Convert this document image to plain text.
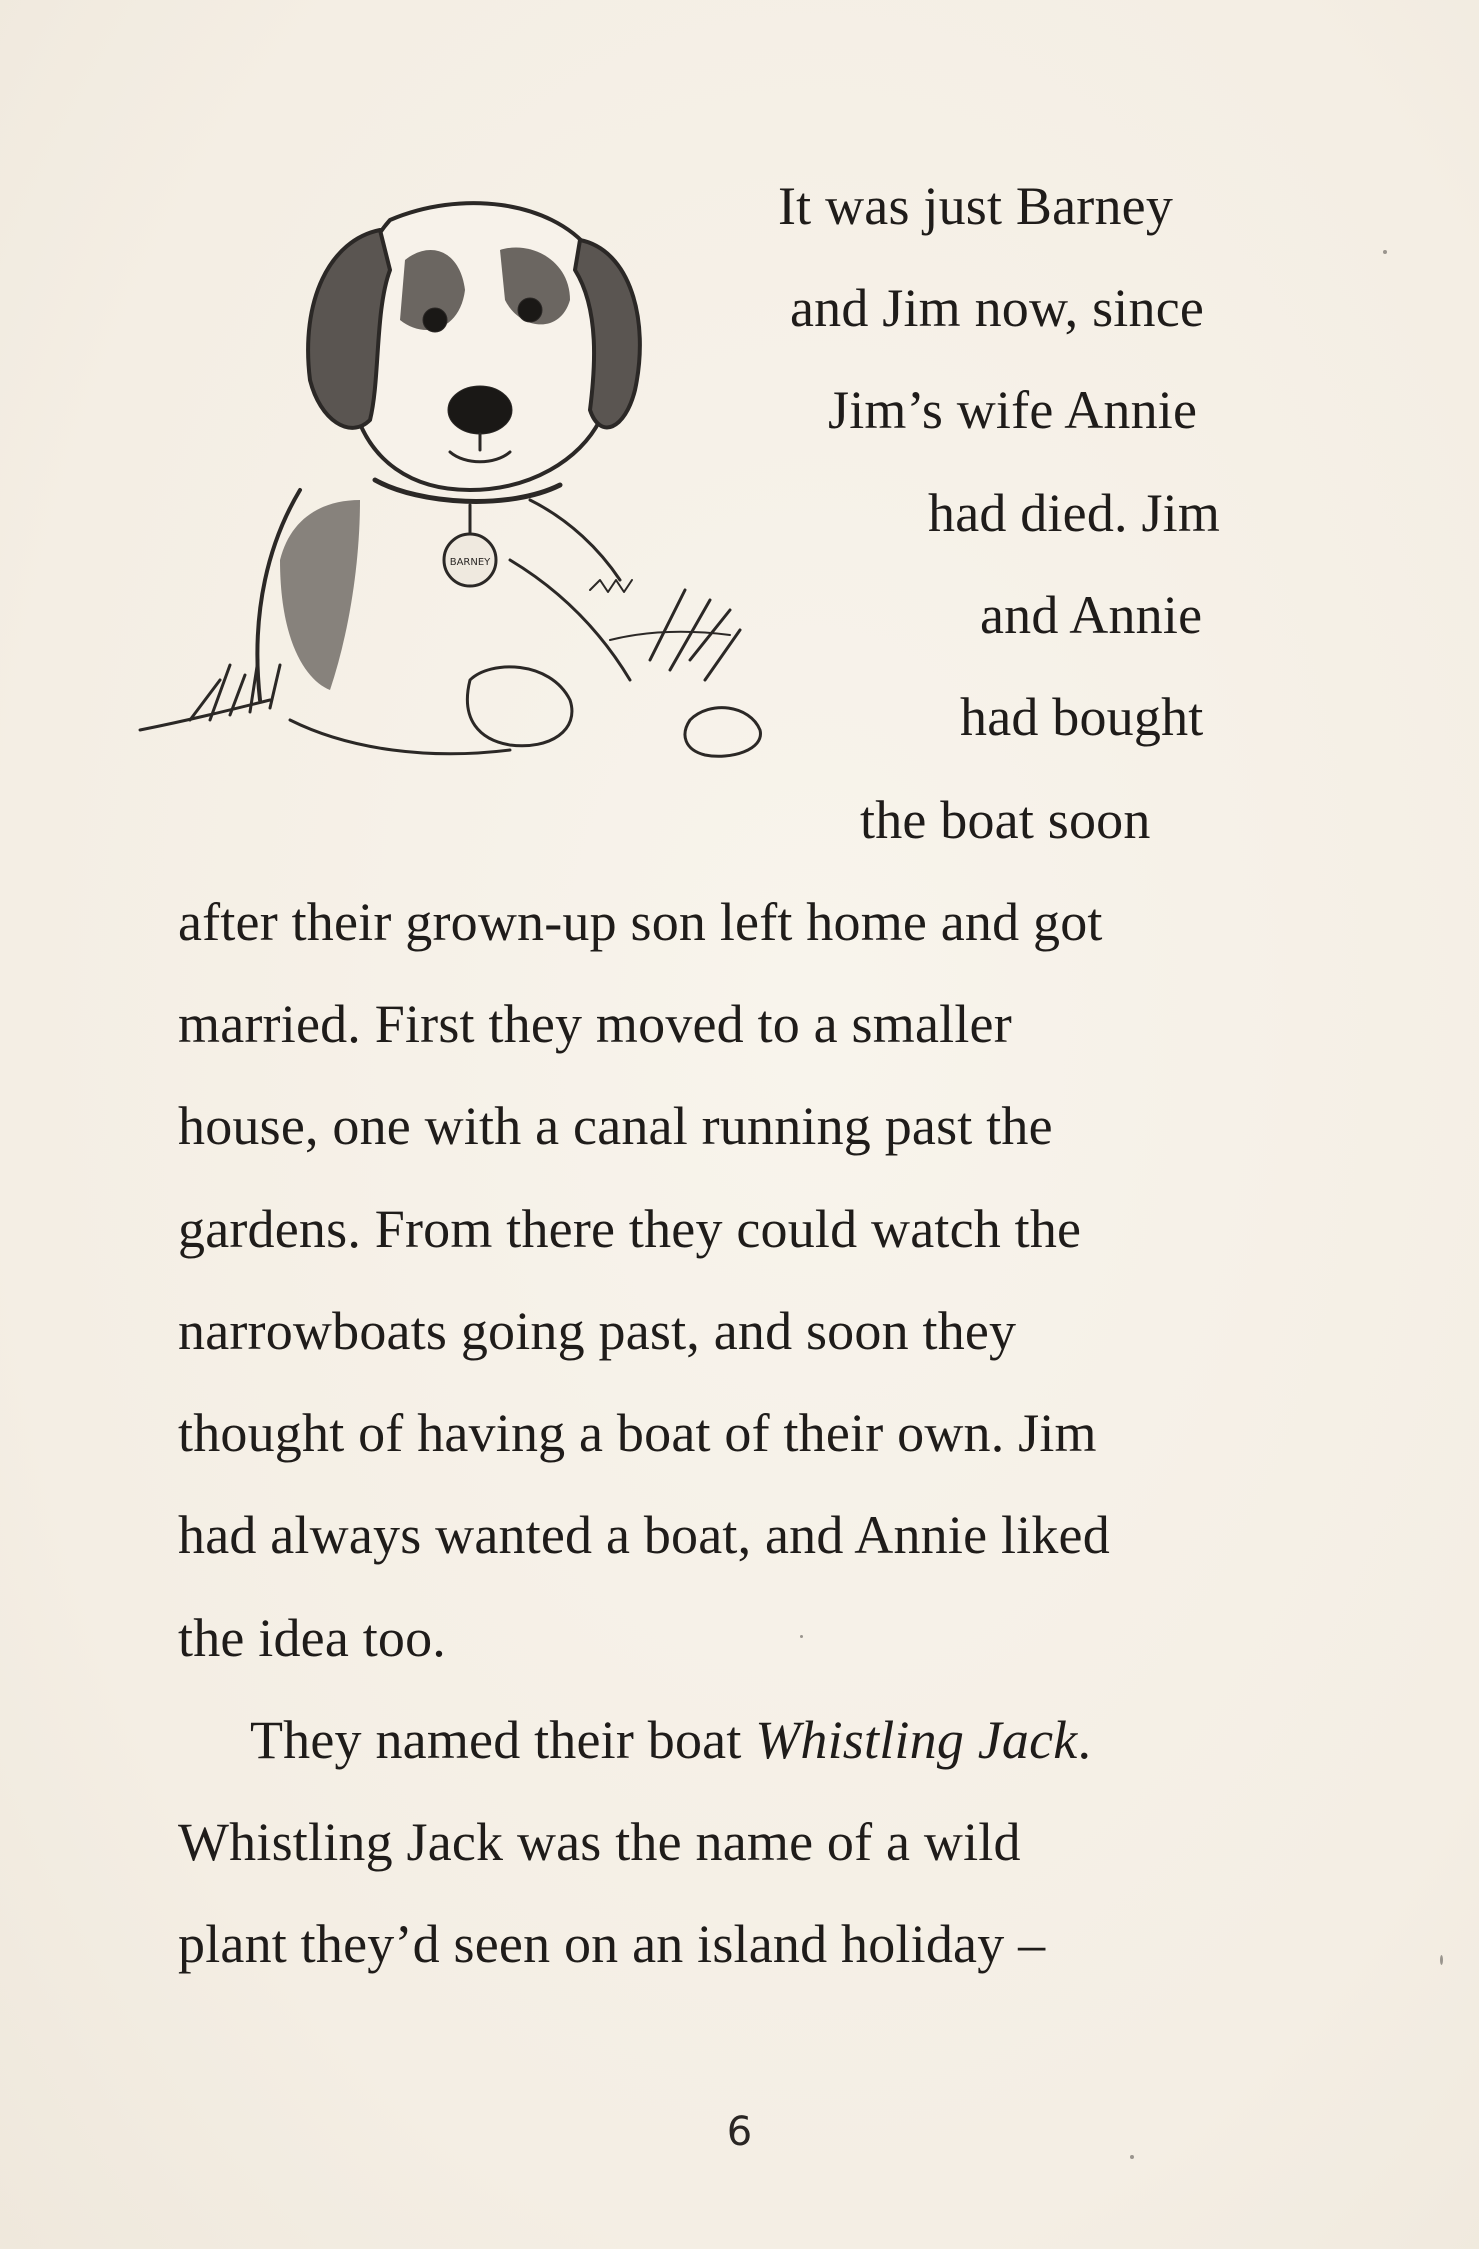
BARNEY

It was just Barney

and Jim now, since

Jim’s wife Annie

had died. Jim

and Annie

had bought

the boat soon

after their grown-up son left home and got

married. First they moved to a smaller

house, one with a canal running past the

gardens. From there they could watch the

narrowboats going past, and soon they

thought of having a boat of their own. Jim

had always wanted a boat, and Annie liked

the idea too.

They named their boat Whistling Jack.

Whistling Jack was the name of a wild

plant they’d seen on an island holiday –

6
